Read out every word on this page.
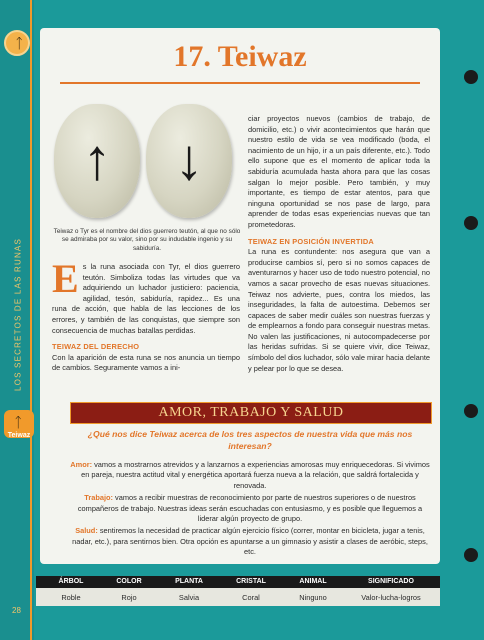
ᛏ
LOS SECRETOS DE LAS RUNAS
ᛏ
Teiwaz
28
17. Teiwaz
↑	↓
Teiwaz o Tyr es el nombre del dios guerrero teutón, al que no sólo se admiraba por su valor, sino por su indudable ingenio y su sabiduría.

Es la runa asociada con Tyr, el dios guerrero teutón. Simboliza todas las virtudes que va adquiriendo un luchador justiciero: paciencia, agilidad, tesón, sabiduría, rapidez... Es una runa de acción, que habla de las lecciones de los errores, y también de las conquistas, que siempre son consecuencia de muchas batallas perdidas.

TEIWAZ DEL DERECHO

Con la aparición de esta runa se nos anuncia un tiempo de cambios. Seguramente vamos a ini-

ciar proyectos nuevos (cambios de trabajo, de domicilio, etc.) o vivir acontecimientos que harán que nuestro estilo de vida se vea modificado (boda, el nacimiento de un hijo, ir a un país diferente, etc.). Todo ello supone que es el momento de aplicar toda la sabiduría acumulada hasta ahora para que las cosas salgan lo mejor posible. Pero también, y muy importante, es tiempo de estar atentos, para que ninguna oportunidad se nos pase de largo, para aprender de todas esas experiencias nuevas que tan prometedoras.

TEIWAZ EN POSICIÓN INVERTIDA

La runa es contundente: nos asegura que van a producirse cambios sí, pero si no somos capaces de aventurarnos y hacer uso de todo nuestro potencial, no vamos a sacar provecho de esas nuevas situaciones. Teiwaz nos advierte, pues, contra los miedos, las inseguridades, la falta de autoestima. Debemos ser capaces de saber medir cuáles son nuestras fuerzas y de emplearnos a fondo para conseguir nuestras metas. No valen las justificaciones, ni autocompadecerse por las heridas sufridas. Si se quiere vivir, dice Teiwaz, símbolo del dios luchador, sólo vale mirar hacia delante y pelear por lo que se desea.

AMOR, TRABAJO Y SALUD
¿Qué nos dice Teiwaz acerca de los tres aspectos de nuestra vida que más nos interesan?

Amor: vamos a mostrarnos atrevidos y a lanzarnos a experiencias amorosas muy enriquecedoras. Si vivimos en pareja, nuestra actitud vital y energética aportará fuerza nueva a la relación, que saldrá fortalecida y renovada.

Trabajo: vamos a recibir muestras de reconocimiento por parte de nuestros superiores o de nuestros compañeros de trabajo. Nuestras ideas serán escuchadas con entusiasmo, y es posible que lleguemos a liderar algún proyecto de grupo.

Salud: sentiremos la necesidad de practicar algún ejercicio físico (correr, montar en bicicleta, jugar a tenis, nadar, etc.), para sentirnos bien. Otra opción es apuntarse a un gimnasio y asistir a clases de aeróbic, steps, etc.

ÁRBOL	COLOR	PLANTA	CRISTAL	ANIMAL	SIGNIFICADO
Roble	Rojo	Salvia	Coral	Ninguno	Valor-lucha-logros
